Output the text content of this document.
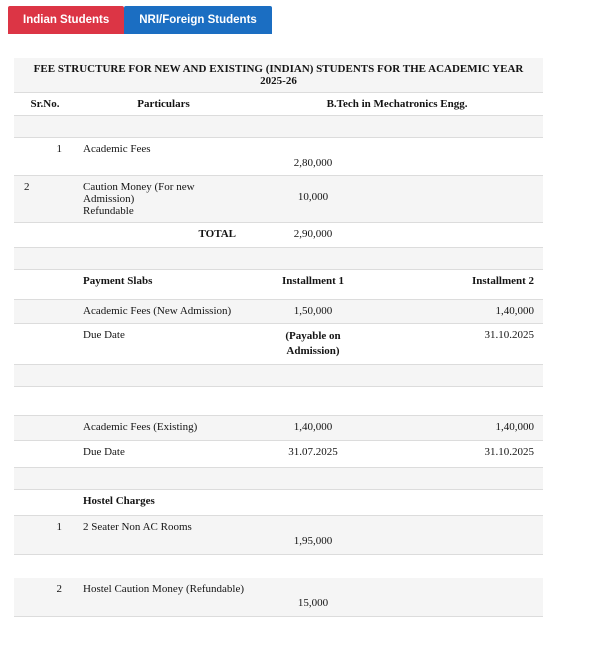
Indian Students	NRI/Foreign Students
FEE STRUCTURE FOR NEW AND EXISTING (INDIAN) STUDENTS FOR THE ACADEMIC YEAR 2025-26			
Sr.No.	Particulars	B.Tech in Mechatronics Engg.	

1	Academic Fees	2,80,000	
2	Caution Money (For new Admission)
Refundable	10,000	
	TOTAL	2,90,000	

	Payment Slabs	Installment 1	Installment 2
	Academic Fees (New Admission)	1,50,000	1,40,000
	Due Date	(Payable on Admission)	31.10.2025

	Academic Fees (Existing)	1,40,000	1,40,000
	Due Date	31.07.2025	31.10.2025

	Hostel Charges		
1	2 Seater Non AC Rooms	1,95,000	

2	Hostel Caution Money (Refundable)	15,000	
